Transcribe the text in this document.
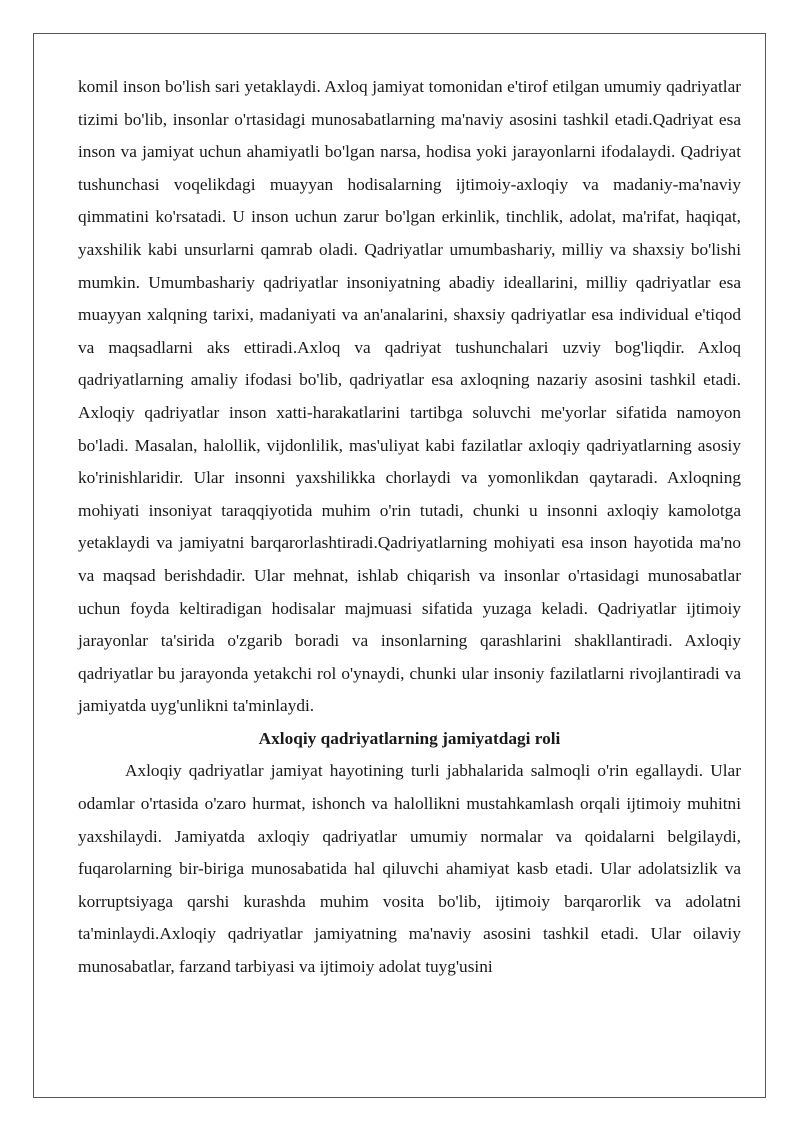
komil inson bo'lish sari yetaklaydi. Axloq jamiyat tomonidan e'tirof etilgan umumiy qadriyatlar tizimi bo'lib, insonlar o'rtasidagi munosabatlarning ma'naviy asosini tashkil etadi.Qadriyat esa inson va jamiyat uchun ahamiyatli bo'lgan narsa, hodisa yoki jarayonlarni ifodalaydi. Qadriyat tushunchasi voqelikdagi muayyan hodisalarning ijtimoiy-axloqiy va madaniy-ma'naviy qimmatini ko'rsatadi. U inson uchun zarur bo'lgan erkinlik, tinchlik, adolat, ma'rifat, haqiqat, yaxshilik kabi unsurlarni qamrab oladi. Qadriyatlar umumbashariy, milliy va shaxsiy bo'lishi mumkin. Umumbashariy qadriyatlar insoniyatning abadiy ideallarini, milliy qadriyatlar esa muayyan xalqning tarixi, madaniyati va an'analarini, shaxsiy qadriyatlar esa individual e'tiqod va maqsadlarni aks ettiradi.Axloq va qadriyat tushunchalari uzviy bog'liqdir. Axloq qadriyatlarning amaliy ifodasi bo'lib, qadriyatlar esa axloqning nazariy asosini tashkil etadi. Axloqiy qadriyatlar inson xatti-harakatlarini tartibga soluvchi me'yorlar sifatida namoyon bo'ladi. Masalan, halollik, vijdonlilik, mas'uliyat kabi fazilatlar axloqiy qadriyatlarning asosiy ko'rinishlaridir. Ular insonni yaxshilikka chorlaydi va yomonlikdan qaytaradi. Axloqning mohiyati insoniyat taraqqiyotida muhim o'rin tutadi, chunki u insonni axloqiy kamolotga yetaklaydi va jamiyatni barqarorlashtiradi.Qadriyatlarning mohiyati esa inson hayotida ma'no va maqsad berishdadir. Ular mehnat, ishlab chiqarish va insonlar o'rtasidagi munosabatlar uchun foyda keltiradigan hodisalar majmuasi sifatida yuzaga keladi. Qadriyatlar ijtimoiy jarayonlar ta'sirida o'zgarib boradi va insonlarning qarashlarini shakllantiradi. Axloqiy qadriyatlar bu jarayonda yetakchi rol o'ynaydi, chunki ular insoniy fazilatlarni rivojlantiradi va jamiyatda uyg'unlikni ta'minlaydi.

Axloqiy qadriyatlarning jamiyatdagi roli

Axloqiy qadriyatlar jamiyat hayotining turli jabhalarida salmoqli o'rin egallaydi. Ular odamlar o'rtasida o'zaro hurmat, ishonch va halollikni mustahkamlash orqali ijtimoiy muhitni yaxshilaydi. Jamiyatda axloqiy qadriyatlar umumiy normalar va qoidalarni belgilaydi, fuqarolarning bir-biriga munosabatida hal qiluvchi ahamiyat kasb etadi. Ular adolatsizlik va korruptsiyaga qarshi kurashda muhim vosita bo'lib, ijtimoiy barqarorlik va adolatni ta'minlaydi.Axloqiy qadriyatlar jamiyatning ma'naviy asosini tashkil etadi. Ular oilaviy munosabatlar, farzand tarbiyasi va ijtimoiy adolat tuyg'usini
